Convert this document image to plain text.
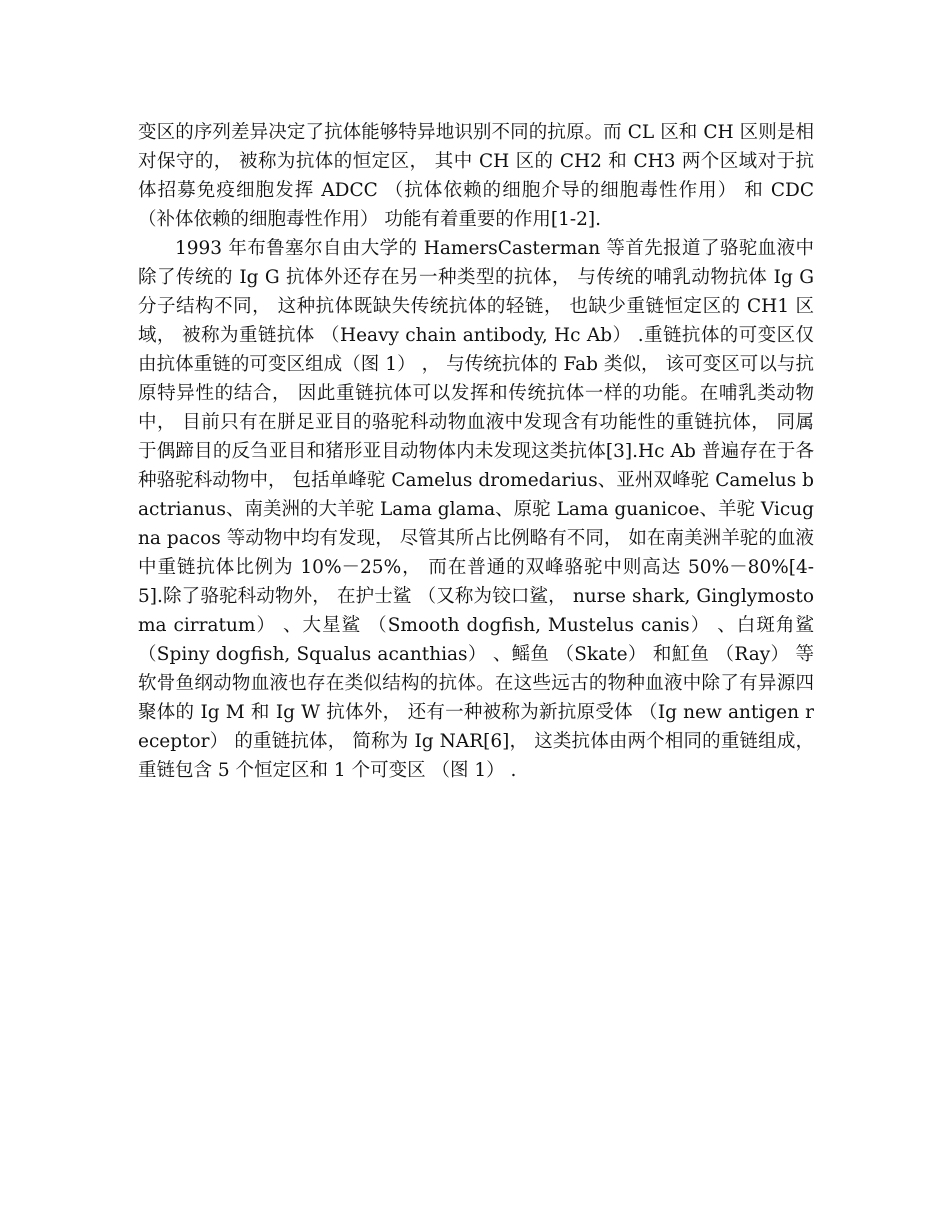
变区的序列差异决定了抗体能够特异地识别不同的抗原。而 CL 区和 CH 区则是相对保守的， 被称为抗体的恒定区， 其中 CH 区的 CH2 和 CH3 两个区域对于抗体招募免疫细胞发挥 ADCC （抗体依赖的细胞介导的细胞毒性作用） 和 CDC （补体依赖的细胞毒性作用） 功能有着重要的作用[1-2].

1993 年布鲁塞尔自由大学的 HamersCasterman 等首先报道了骆驼血液中除了传统的 Ig G 抗体外还存在另一种类型的抗体， 与传统的哺乳动物抗体 Ig G 分子结构不同， 这种抗体既缺失传统抗体的轻链， 也缺少重链恒定区的 CH1 区域， 被称为重链抗体 （Heavy chain antibody, Hc Ab） .重链抗体的可变区仅由抗体重链的可变区组成（图 1） ， 与传统抗体的 Fab 类似， 该可变区可以与抗原特异性的结合， 因此重链抗体可以发挥和传统抗体一样的功能。在哺乳类动物中， 目前只有在胼足亚目的骆驼科动物血液中发现含有功能性的重链抗体， 同属于偶蹄目的反刍亚目和猪形亚目动物体内未发现这类抗体[3].Hc Ab 普遍存在于各种骆驼科动物中， 包括单峰驼 Camelus dromedarius、亚州双峰驼 Camelus bactrianus、南美洲的大羊驼 Lama glama、原驼 Lama guanicoe、羊驼 Vicugna pacos 等动物中均有发现， 尽管其所占比例略有不同， 如在南美洲羊驼的血液中重链抗体比例为 10%－25%， 而在普通的双峰骆驼中则高达 50%－80%[4-5].除了骆驼科动物外， 在护士鲨 （又称为铰口鲨， nurse shark, Ginglymostoma cirratum） 、大星鲨 （Smooth dogfish, Mustelus canis） 、白斑角鲨 （Spiny dogfish, Squalus acanthias） 、鳐鱼 （Skate） 和魟鱼 （Ray） 等软骨鱼纲动物血液也存在类似结构的抗体。在这些远古的物种血液中除了有异源四聚体的 Ig M 和 Ig W 抗体外， 还有一种被称为新抗原受体 （Ig new antigen receptor） 的重链抗体， 简称为 Ig NAR[6]， 这类抗体由两个相同的重链组成， 重链包含 5 个恒定区和 1 个可变区 （图 1） .
